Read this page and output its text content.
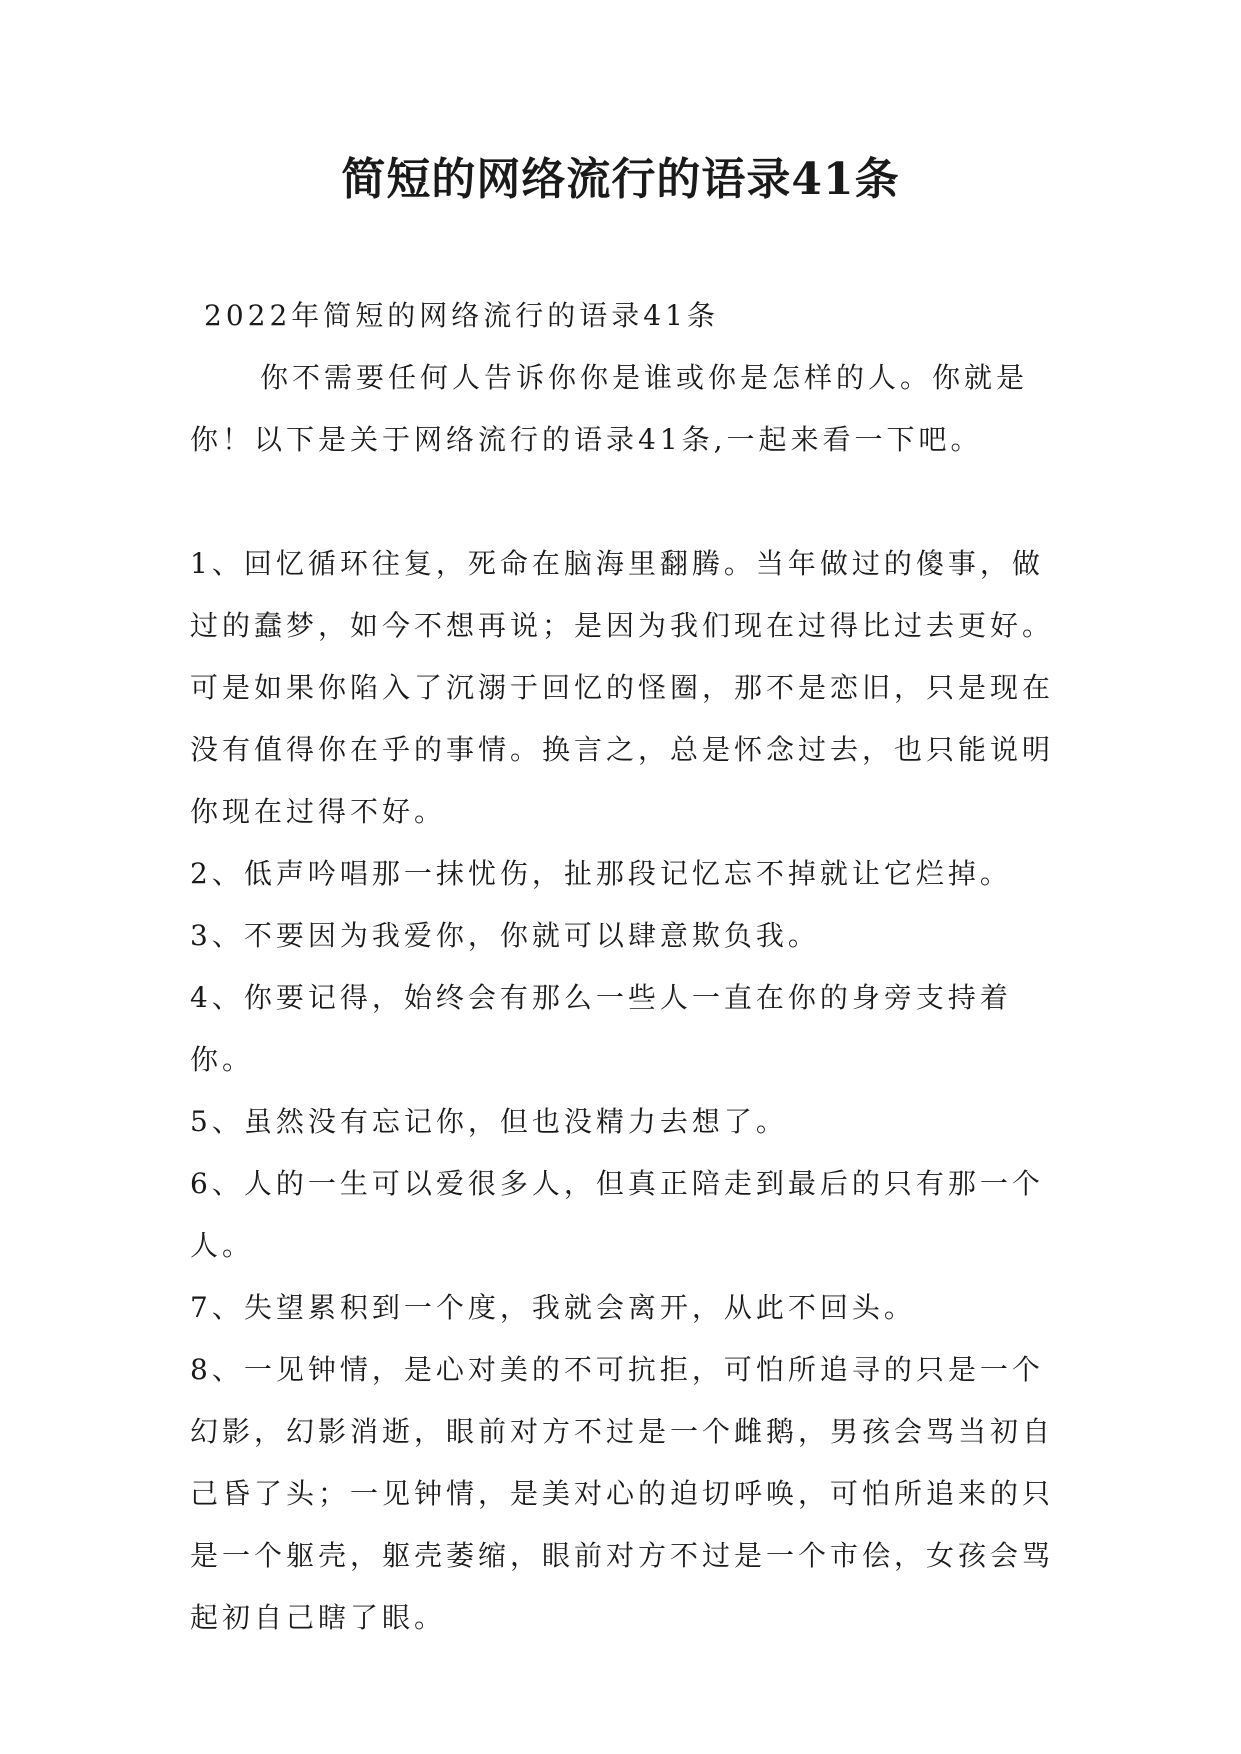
简短的网络流行的语录41条

2022年简短的网络流行的语录41条

你不需要任何人告诉你你是谁或你是怎样的人。你就是你！以下是关于网络流行的语录41条,一起来看一下吧。

1、回忆循环往复，死命在脑海里翻腾。当年做过的傻事，做过的蠢梦，如今不想再说；是因为我们现在过得比过去更好。可是如果你陷入了沉溺于回忆的怪圈，那不是恋旧，只是现在没有值得你在乎的事情。换言之，总是怀念过去，也只能说明你现在过得不好。

2、低声吟唱那一抹忧伤，扯那段记忆忘不掉就让它烂掉。

3、不要因为我爱你，你就可以肆意欺负我。

4、你要记得，始终会有那么一些人一直在你的身旁支持着你。

5、虽然没有忘记你，但也没精力去想了。

6、人的一生可以爱很多人，但真正陪走到最后的只有那一个人。

7、失望累积到一个度，我就会离开，从此不回头。

8、一见钟情，是心对美的不可抗拒，可怕所追寻的只是一个幻影，幻影消逝，眼前对方不过是一个雌鹅，男孩会骂当初自己昏了头；一见钟情，是美对心的迫切呼唤，可怕所追来的只是一个躯壳，躯壳萎缩，眼前对方不过是一个市侩，女孩会骂起初自己瞎了眼。
